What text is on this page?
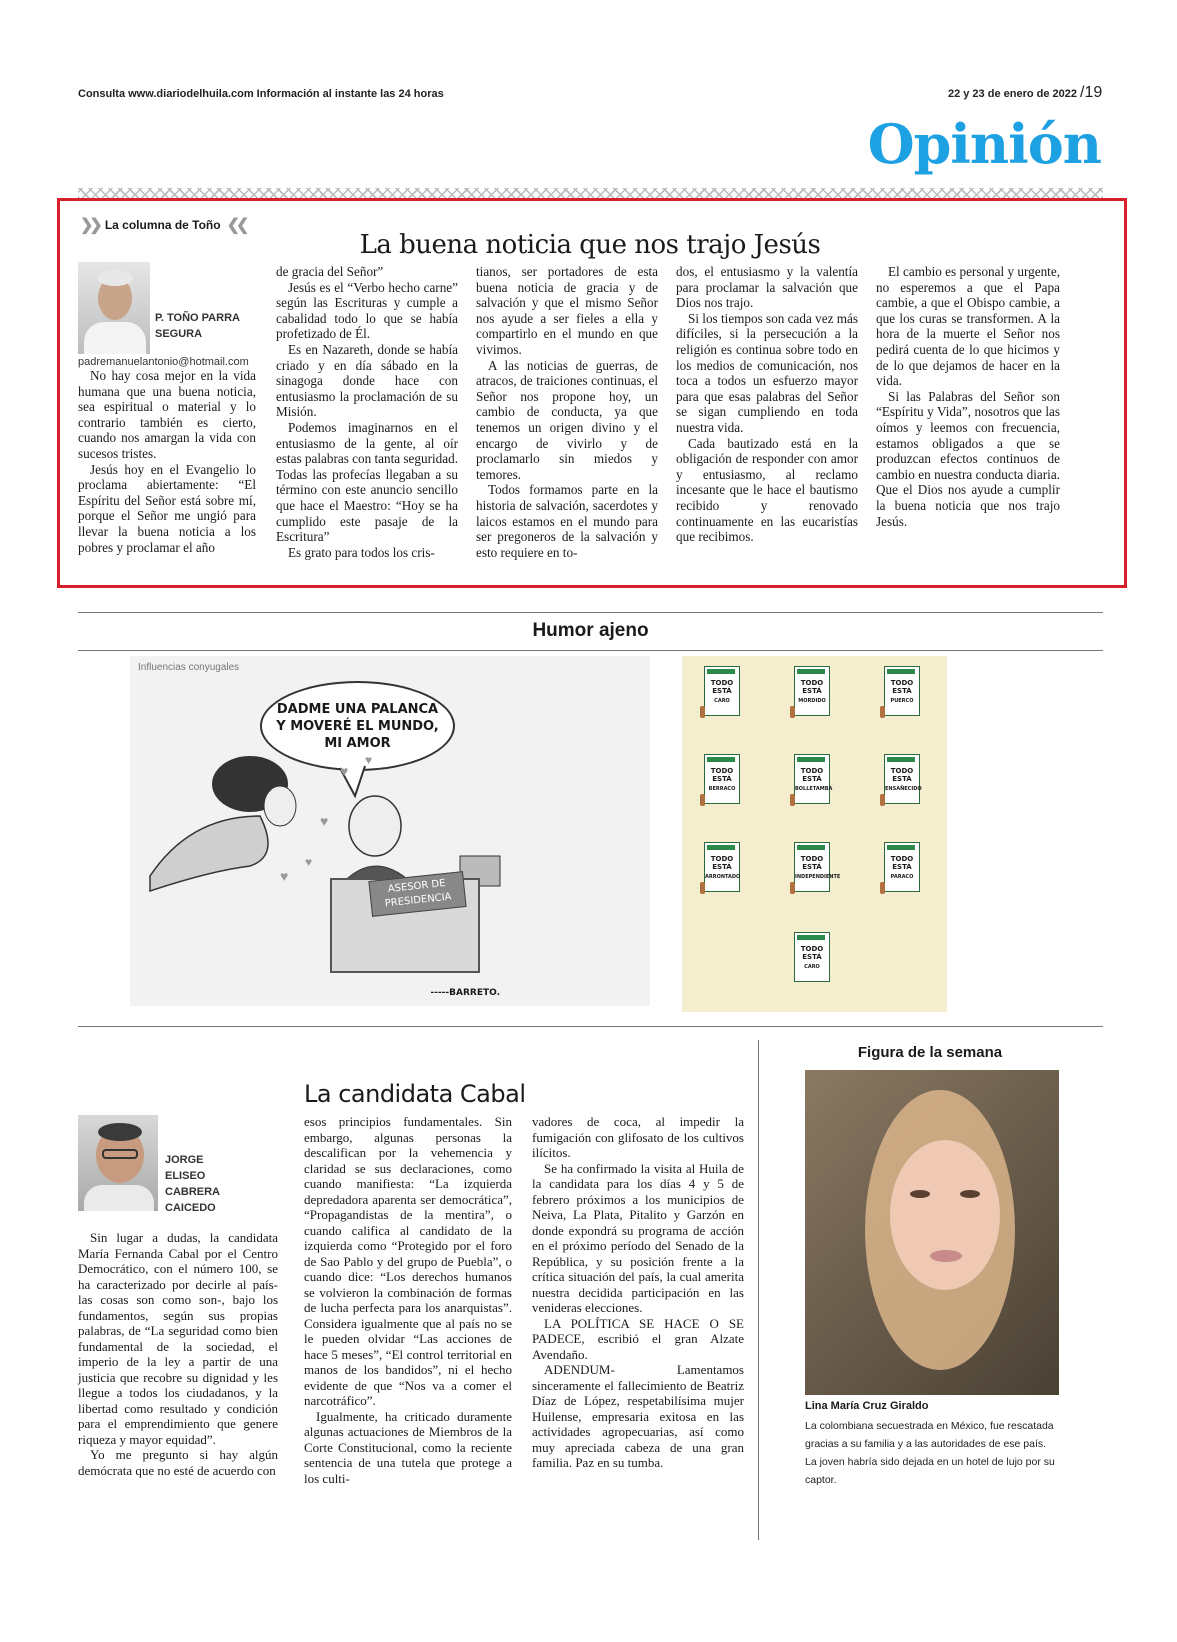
Consulta www.diariodelhuila.com Información al instante las 24 horas	22 y 23 de enero de 2022 /19
Opinión
❯❯ La columna de Toño ❮❮
La buena noticia que nos trajo Jesús
P. TOÑO PARRA
SEGURA
padremanuelantonio@hotmail.com

No hay cosa mejor en la vida humana que una buena noticia, sea espiritual o material y lo contrario también es cierto, cuando nos amargan la vida con sucesos tristes.

Jesús hoy en el Evangelio lo proclama abiertamente: “El Espíritu del Señor está sobre mí, porque el Señor me ungió para llevar la buena noticia a los pobres y proclamar el año

de gracia del Señor”

Jesús es el “Verbo hecho carne” según las Escrituras y cumple a cabalidad todo lo que se había profetizado de Él.

Es en Nazareth, donde se había criado y en día sábado en la sinagoga donde hace con entusiasmo la proclamación de su Misión.

Podemos imaginarnos en el entusiasmo de la gente, al oír estas palabras con tanta seguridad. Todas las profecías llegaban a su término con este anuncio sencillo que hace el Maestro: “Hoy se ha cumplido este pasaje de la Escritura”

Es grato para todos los cris-

tianos, ser portadores de esta buena noticia de gracia y de salvación y que el mismo Señor nos ayude a ser fieles a ella y compartirlo en el mundo en que vivimos.

A las noticias de guerras, de atracos, de traiciones continuas, el Señor nos propone hoy, un cambio de conducta, ya que tenemos un origen divino y el encargo de vivirlo y de proclamarlo sin miedos y temores.

Todos formamos parte en la historia de salvación, sacerdotes y laicos estamos en el mundo para ser pregoneros de la salvación y esto requiere en to-

dos, el entusiasmo y la valentía para proclamar la salvación que Dios nos trajo.

Si los tiempos son cada vez más difíciles, si la persecución a la religión es continua sobre todo en los medios de comunicación, nos toca a todos un esfuerzo mayor para que esas palabras del Señor se sigan cumpliendo en toda nuestra vida.

Cada bautizado está en la obligación de responder con amor y entusiasmo, al reclamo incesante que le hace el bautismo recibido y renovado continuamente en las eucaristías que recibimos.

El cambio es personal y urgente, no esperemos a que el Papa cambie, a que el Obispo cambie, a que los curas se transformen. A la hora de la muerte el Señor nos pedirá cuenta de lo que hicimos y de lo que dejamos de hacer en la vida.

Si las Palabras del Señor son “Espíritu y Vida”, nosotros que las oímos y leemos con frecuencia, estamos obligados a que se produzcan efectos continuos de cambio en nuestra conducta diaria. Que el Dios nos ayude a cumplir la buena noticia que nos trajo Jesús.

Humor ajeno
Influencias conyugales
DADME UNA PALANCA Y MOVERÉ EL MUNDO, MI AMOR
♥
♥
♥
♥
♥
ASESOR DE PRESIDENCIA
-----BARRETO.
TODO ESTÁ
CARO
TODO ESTÁ
MORDIDO
TODO ESTÁ
PUERCO
TODO ESTÁ
BERRACO
TODO ESTÁ
BOLLETAMBA
TODO ESTÁ
ENSAÑECIDO
TODO ESTÁ
ARRONTADO
TODO ESTÁ
INDEPENDIENTE
TODO ESTÁ
PARACO
TODO ESTÁ
CARO
Figura de la semana
Lina María Cruz Giraldo
La colombiana secuestrada en México, fue rescatada gracias a su familia y a las autoridades de ese país. La joven habría sido dejada en un hotel de lujo por su captor.
La candidata Cabal
JORGE
ELISEO
CABRERA
CAICEDO

Sin lugar a dudas, la candidata María Fernanda Cabal por el Centro Democrático, con el número 100, se ha caracterizado por decirle al país- las cosas son como son-, bajo los fundamentos, según sus propias palabras, de “La seguridad como bien fundamental de la sociedad, el imperio de la ley a partir de una justicia que recobre su dignidad y les llegue a todos los ciudadanos, y la libertad como resultado y condición para el emprendimiento que genere riqueza y mayor equidad”.

Yo me pregunto si hay algún demócrata que no esté de acuerdo con

esos principios fundamentales. Sin embargo, algunas personas la descalifican por la vehemencia y claridad se sus declaraciones, como cuando manifiesta: “La izquierda depredadora aparenta ser democrática”, “Propagandistas de la mentira”, o cuando califica al candidato de la izquierda como “Protegido por el foro de Sao Pablo y del grupo de Puebla”, o cuando dice: “Los derechos humanos se volvieron la combinación de formas de lucha perfecta para los anarquistas”. Considera igualmente que al país no se le pueden olvidar “Las acciones de hace 5 meses”, “El control territorial en manos de los bandidos”, ni el hecho evidente de que “Nos va a comer el narcotráfico”.

Igualmente, ha criticado duramente algunas actuaciones de Miembros de la Corte Constitucional, como la reciente sentencia de una tutela que protege a los culti-

vadores de coca, al impedir la fumigación con glifosato de los cultivos ilícitos.

Se ha confirmado la visita al Huila de la candidata para los días 4 y 5 de febrero próximos a los municipios de Neiva, La Plata, Pitalito y Garzón en donde expondrá su programa de acción en el próximo período del Senado de la República, y su posición frente a la crítica situación del país, la cual amerita nuestra decidida participación en las venideras elecciones.

LA POLÍTICA SE HACE O SE PADECE, escribió el gran Alzate Avendaño.

ADENDUM- Lamentamos sinceramente el fallecimiento de Beatriz Díaz de López, respetabilísima mujer Huilense, empresaria exitosa en las actividades agropecuarias, así como muy apreciada cabeza de una gran familia. Paz en su tumba.
